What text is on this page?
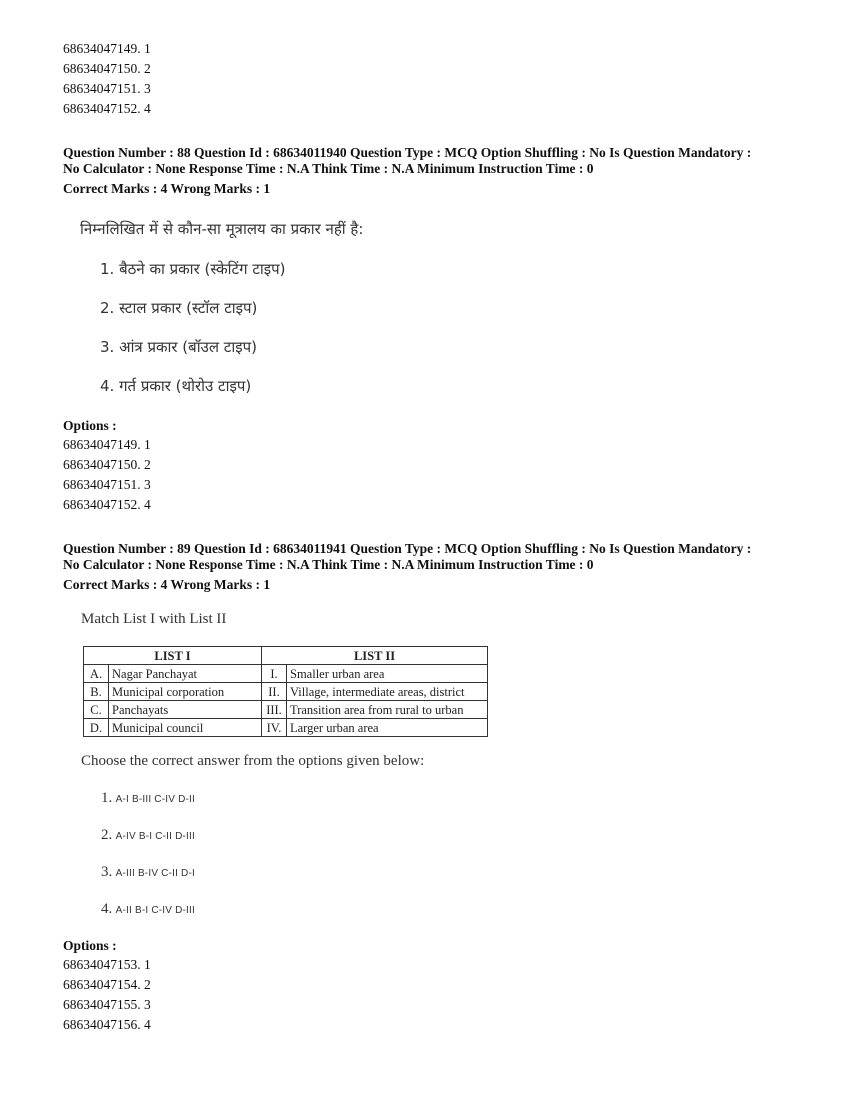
68634047149. 1
68634047150. 2
68634047151. 3
68634047152. 4
Question Number : 88 Question Id : 68634011940 Question Type : MCQ Option Shuffling : No Is Question Mandatory :
No Calculator : None Response Time : N.A Think Time : N.A Minimum Instruction Time : 0
Correct Marks : 4 Wrong Marks : 1
निम्नलिखित में से कौन-सा मूत्रालय का प्रकार नहीं है:
1. बैठने का प्रकार (स्केटिंग टाइप)
2. स्टाल प्रकार (स्टॉल टाइप)
3. आंत्र प्रकार (बॉउल टाइप)
4. गर्त प्रकार (थोरोउ टाइप)
Options :
68634047149. 1
68634047150. 2
68634047151. 3
68634047152. 4
Question Number : 89 Question Id : 68634011941 Question Type : MCQ Option Shuffling : No Is Question Mandatory :
No Calculator : None Response Time : N.A Think Time : N.A Minimum Instruction Time : 0
Correct Marks : 4 Wrong Marks : 1
Match List I with List II
LIST I		LIST II	
A.	Nagar Panchayat	I.	Smaller urban area
B.	Municipal corporation	II.	Village, intermediate areas, district
C.	Panchayats	III.	Transition area from rural to urban
D.	Municipal council	IV.	Larger urban area
Choose the correct answer from the options given below:
1. A-I B-III C-IV D-II
2. A-IV B-I C-II D-III
3. A-III B-IV C-II D-I
4. A-II B-I C-IV D-III
Options :
68634047153. 1
68634047154. 2
68634047155. 3
68634047156. 4
